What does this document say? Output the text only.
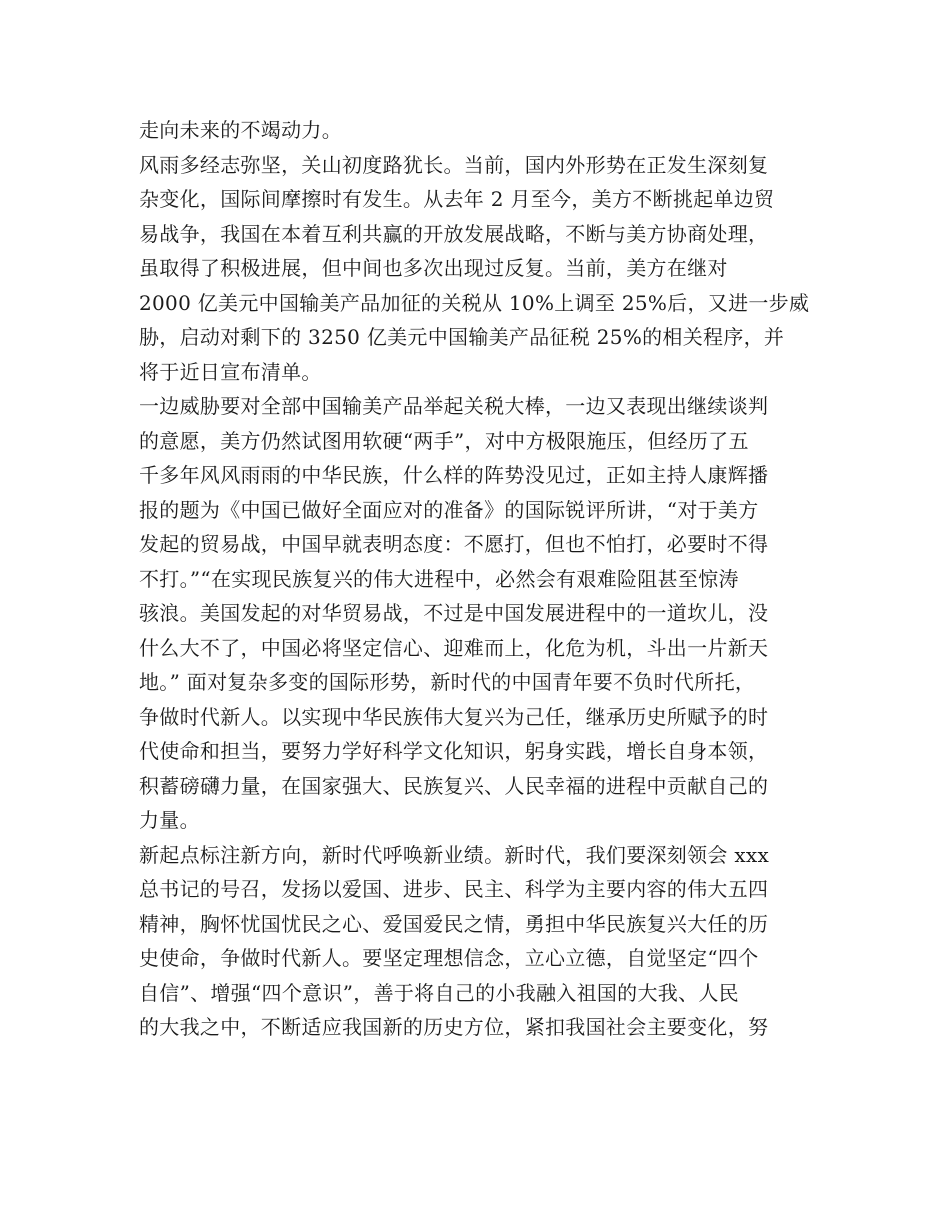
走向未来的不竭动力。
风雨多经志弥坚，关山初度路犹长。当前，国内外形势在正发生深刻复
杂变化，国际间摩擦时有发生。从去年 2 月至今，美方不断挑起单边贸
易战争，我国在本着互利共赢的开放发展战略，不断与美方协商处理，
虽取得了积极进展，但中间也多次出现过反复。当前，美方在继对
2000 亿美元中国输美产品加征的关税从 10%上调至 25%后，又进一步威
胁，启动对剩下的 3250 亿美元中国输美产品征税 25%的相关程序，并
将于近日宣布清单。
一边威胁要对全部中国输美产品举起关税大棒，一边又表现出继续谈判
的意愿，美方仍然试图用软硬“两手”，对中方极限施压，但经历了五
千多年风风雨雨的中华民族，什么样的阵势没见过，正如主持人康辉播
报的题为《中国已做好全面应对的准备》的国际锐评所讲，“对于美方
发起的贸易战，中国早就表明态度：不愿打，但也不怕打，必要时不得
不打。”“在实现民族复兴的伟大进程中，必然会有艰难险阻甚至惊涛
骇浪。美国发起的对华贸易战，不过是中国发展进程中的一道坎儿，没
什么大不了，中国必将坚定信心、迎难而上，化危为机，斗出一片新天
地。” 面对复杂多变的国际形势，新时代的中国青年要不负时代所托，
争做时代新人。以实现中华民族伟大复兴为己任，继承历史所赋予的时
代使命和担当，要努力学好科学文化知识，躬身实践，增长自身本领，
积蓄磅礴力量，在国家强大、民族复兴、人民幸福的进程中贡献自己的
力量。
新起点标注新方向，新时代呼唤新业绩。新时代，我们要深刻领会 xxx
总书记的号召，发扬以爱国、进步、民主、科学为主要内容的伟大五四
精神，胸怀忧国忧民之心、爱国爱民之情，勇担中华民族复兴大任的历
史使命，争做时代新人。要坚定理想信念，立心立德，自觉坚定“四个
自信”、增强“四个意识”，善于将自己的小我融入祖国的大我、人民
的大我之中，不断适应我国新的历史方位，紧扣我国社会主要变化，努
